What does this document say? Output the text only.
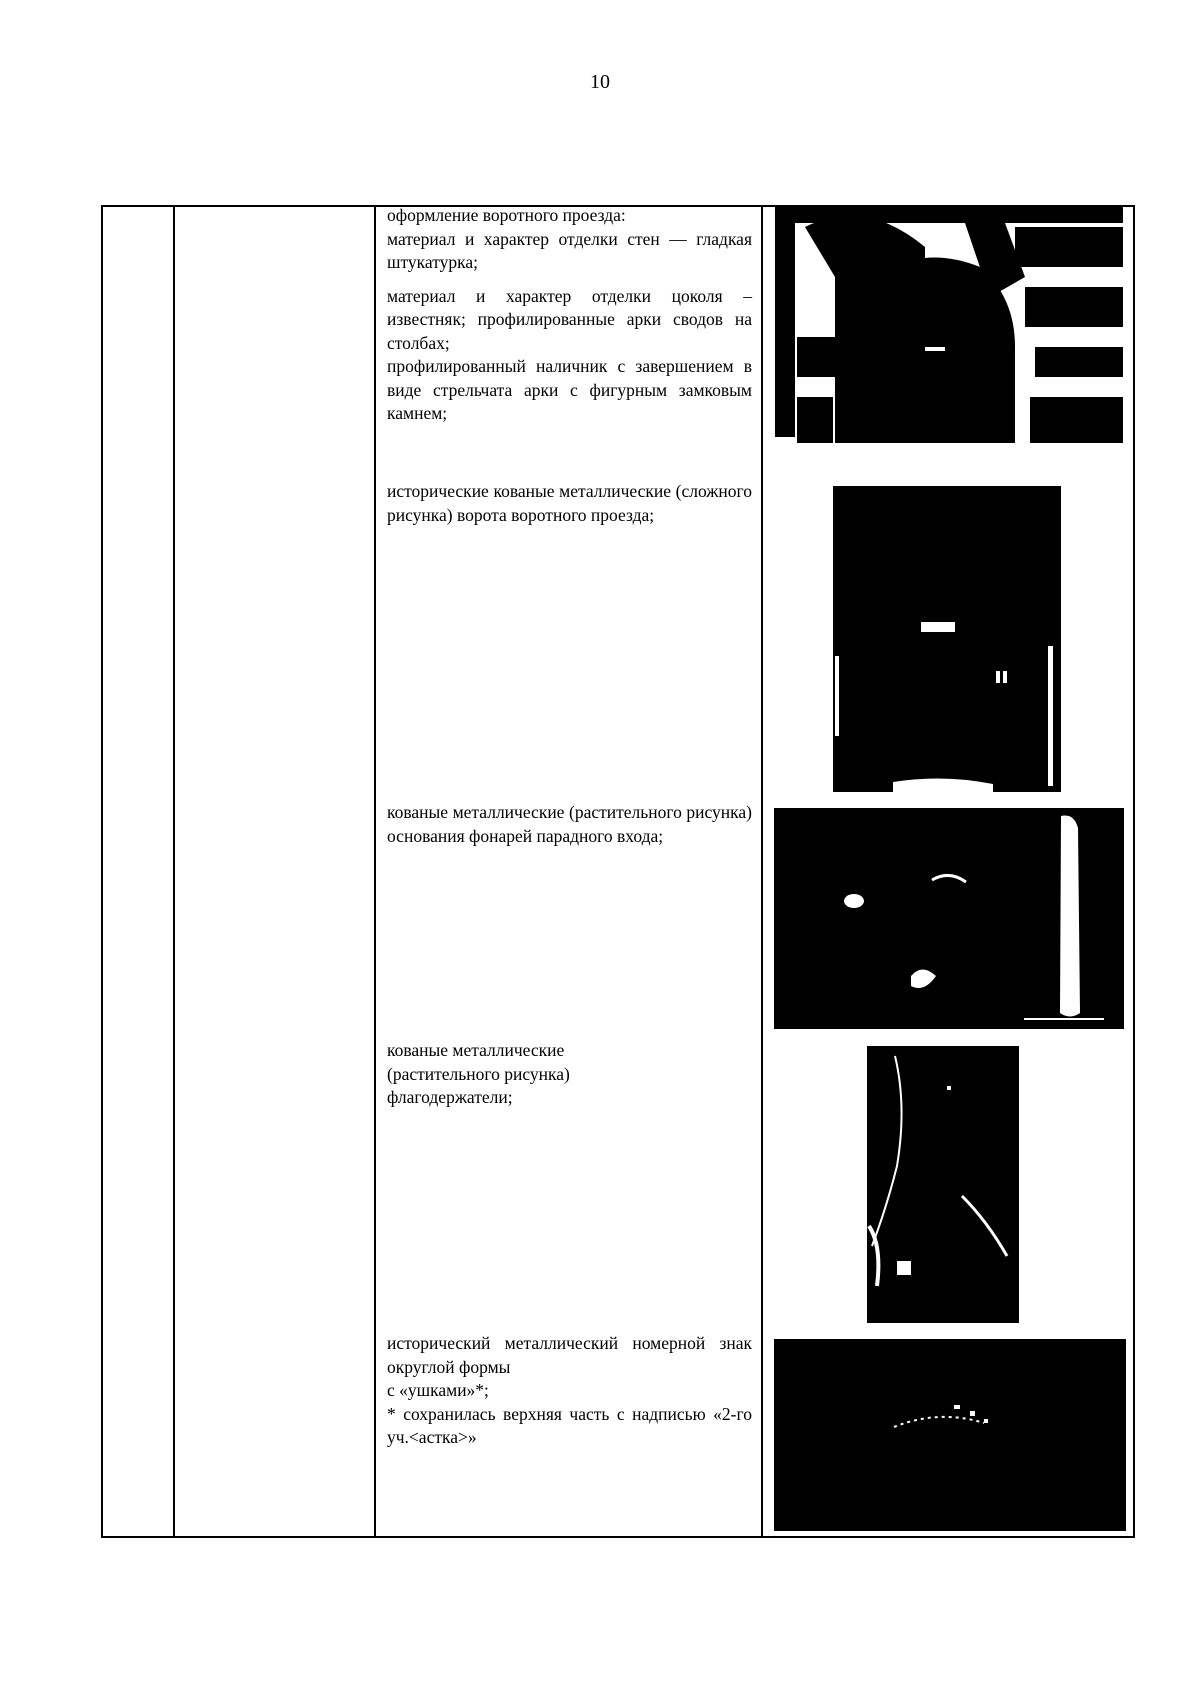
10

оформление воротного проезда:

материал и характер отделки стен — гладкая штукатурка;

материал и характер отделки цоколя – известняк; профилированные арки сводов на столбах;

профилированный наличник с завершением в виде стрельчата арки с фигурным замковым камнем;

исторические кованые металлические (сложного рисунка) ворота воротного проезда;

кованые металлические (растительного рисунка) основания фонарей парадного входа;

кованые металлические

(растительного рисунка)

флагодержатели;

исторический металлический номерной знак округлой формы

с «ушками»*;

* сохранилась верхняя часть с надписью «2-го уч.<астка>»
